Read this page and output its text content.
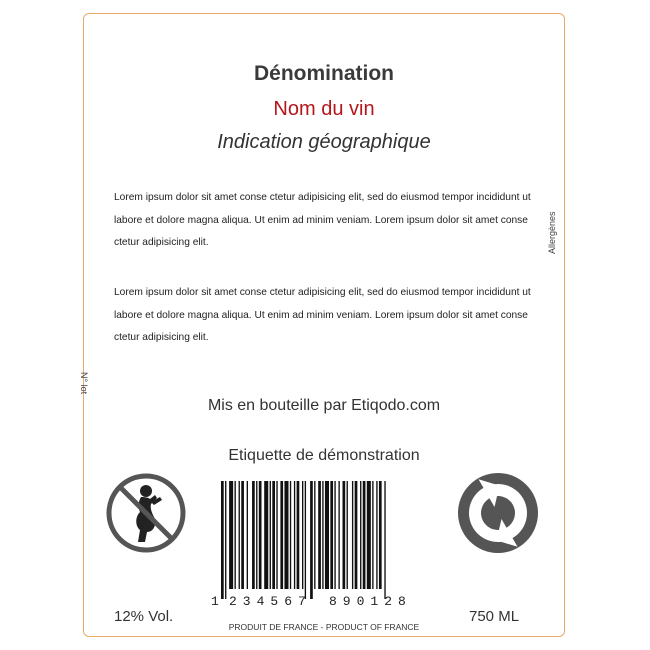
Dénomination
Nom du vin
Indication géographique
Lorem ipsum dolor sit amet conse ctetur adipisicing elit, sed do eiusmod tempor incididunt ut labore et dolore magna aliqua. Ut enim ad minim veniam. Lorem ipsum dolor sit amet conse ctetur adipisicing elit.
Lorem ipsum dolor sit amet conse ctetur adipisicing elit, sed do eiusmod tempor incididunt ut labore et dolore magna aliqua. Ut enim ad minim veniam. Lorem ipsum dolor sit amet conse ctetur adipisicing elit.
Allergènes
N° lot
Mis en bouteille par Etiqodo.com
Etiquette de démonstration
1 234567 890128
12% Vol.	750 ML
PRODUIT DE FRANCE - PRODUCT OF FRANCE
